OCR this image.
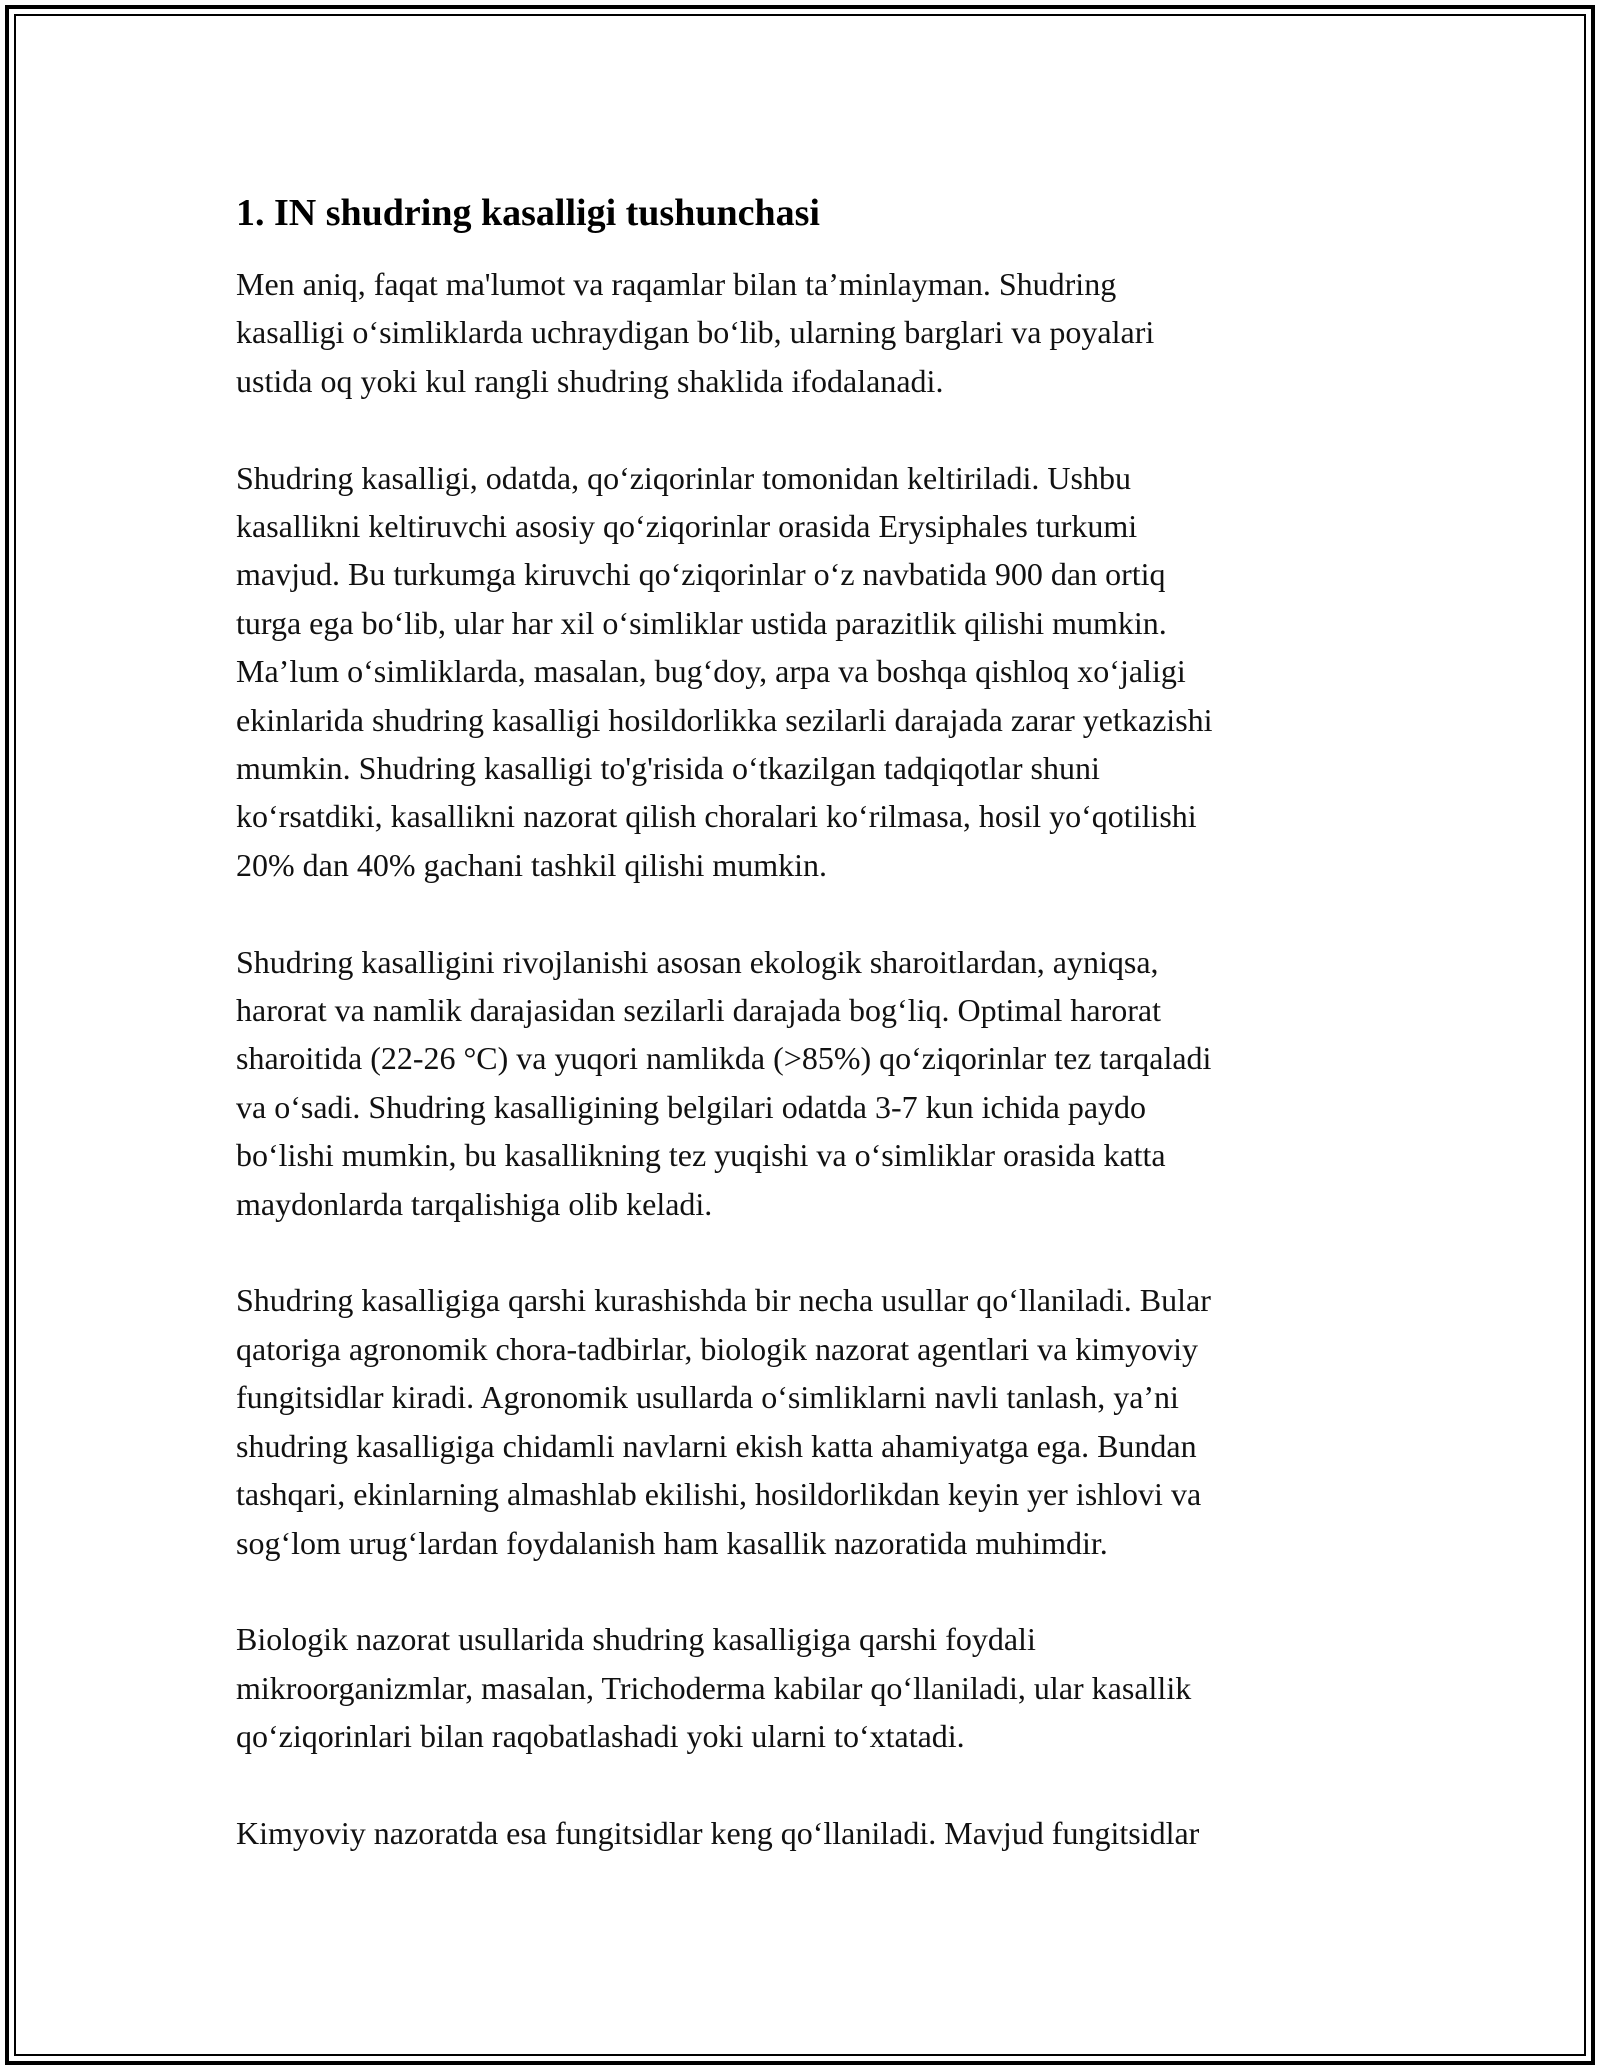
1. IN shudring kasalligi tushunchasi

Men aniq, faqat ma'lumot va raqamlar bilan ta’minlayman. Shudring
kasalligi o‘simliklarda uchraydigan bo‘lib, ularning barglari va poyalari
ustida oq yoki kul rangli shudring shaklida ifodalanadi.

Shudring kasalligi, odatda, qo‘ziqorinlar tomonidan keltiriladi. Ushbu
kasallikni keltiruvchi asosiy qo‘ziqorinlar orasida Erysiphales turkumi
mavjud. Bu turkumga kiruvchi qo‘ziqorinlar o‘z navbatida 900 dan ortiq
turga ega bo‘lib, ular har xil o‘simliklar ustida parazitlik qilishi mumkin.
Ma’lum o‘simliklarda, masalan, bug‘doy, arpa va boshqa qishloq xo‘jaligi
ekinlarida shudring kasalligi hosildorlikka sezilarli darajada zarar yetkazishi
mumkin. Shudring kasalligi to'g'risida o‘tkazilgan tadqiqotlar shuni
ko‘rsatdiki, kasallikni nazorat qilish choralari ko‘rilmasa, hosil yo‘qotilishi
20% dan 40% gachani tashkil qilishi mumkin.

Shudring kasalligini rivojlanishi asosan ekologik sharoitlardan, ayniqsa,
harorat va namlik darajasidan sezilarli darajada bog‘liq. Optimal harorat
sharoitida (22-26 °C) va yuqori namlikda (>85%) qo‘ziqorinlar tez tarqaladi
va o‘sadi. Shudring kasalligining belgilari odatda 3-7 kun ichida paydo
bo‘lishi mumkin, bu kasallikning tez yuqishi va o‘simliklar orasida katta
maydonlarda tarqalishiga olib keladi.

Shudring kasalligiga qarshi kurashishda bir necha usullar qo‘llaniladi. Bular
qatoriga agronomik chora-tadbirlar, biologik nazorat agentlari va kimyoviy
fungitsidlar kiradi. Agronomik usullarda o‘simliklarni navli tanlash, ya’ni
shudring kasalligiga chidamli navlarni ekish katta ahamiyatga ega. Bundan
tashqari, ekinlarning almashlab ekilishi, hosildorlikdan keyin yer ishlovi va
sog‘lom urug‘lardan foydalanish ham kasallik nazoratida muhimdir.

Biologik nazorat usullarida shudring kasalligiga qarshi foydali
mikroorganizmlar, masalan, Trichoderma kabilar qo‘llaniladi, ular kasallik
qo‘ziqorinlari bilan raqobatlashadi yoki ularni to‘xtatadi.

Kimyoviy nazoratda esa fungitsidlar keng qo‘llaniladi. Mavjud fungitsidlar
